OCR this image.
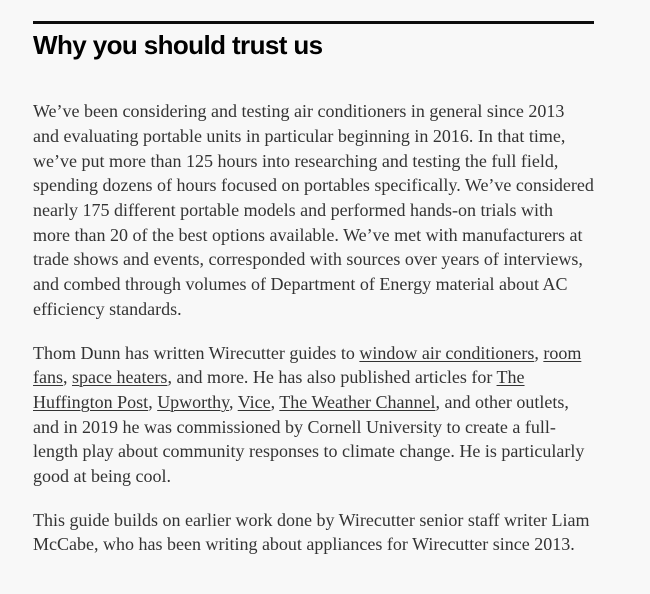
Why you should trust us

We’ve been considering and testing air conditioners in general since 2013 and evaluating portable units in particular beginning in 2016. In that time, we’ve put more than 125 hours into researching and testing the full field, spending dozens of hours focused on portables specifically. We’ve considered nearly 175 different portable models and performed hands-on trials with more than 20 of the best options available. We’ve met with manufacturers at trade shows and events, corresponded with sources over years of interviews, and combed through volumes of Department of Energy material about AC efficiency standards.

Thom Dunn has written Wirecutter guides to window air conditioners, room fans, space heaters, and more. He has also published articles for The Huffington Post, Upworthy, Vice, The Weather Channel, and other outlets, and in 2019 he was commissioned by Cornell University to create a full-length play about community responses to climate change. He is particularly good at being cool.

This guide builds on earlier work done by Wirecutter senior staff writer Liam McCabe, who has been writing about appliances for Wirecutter since 2013.
